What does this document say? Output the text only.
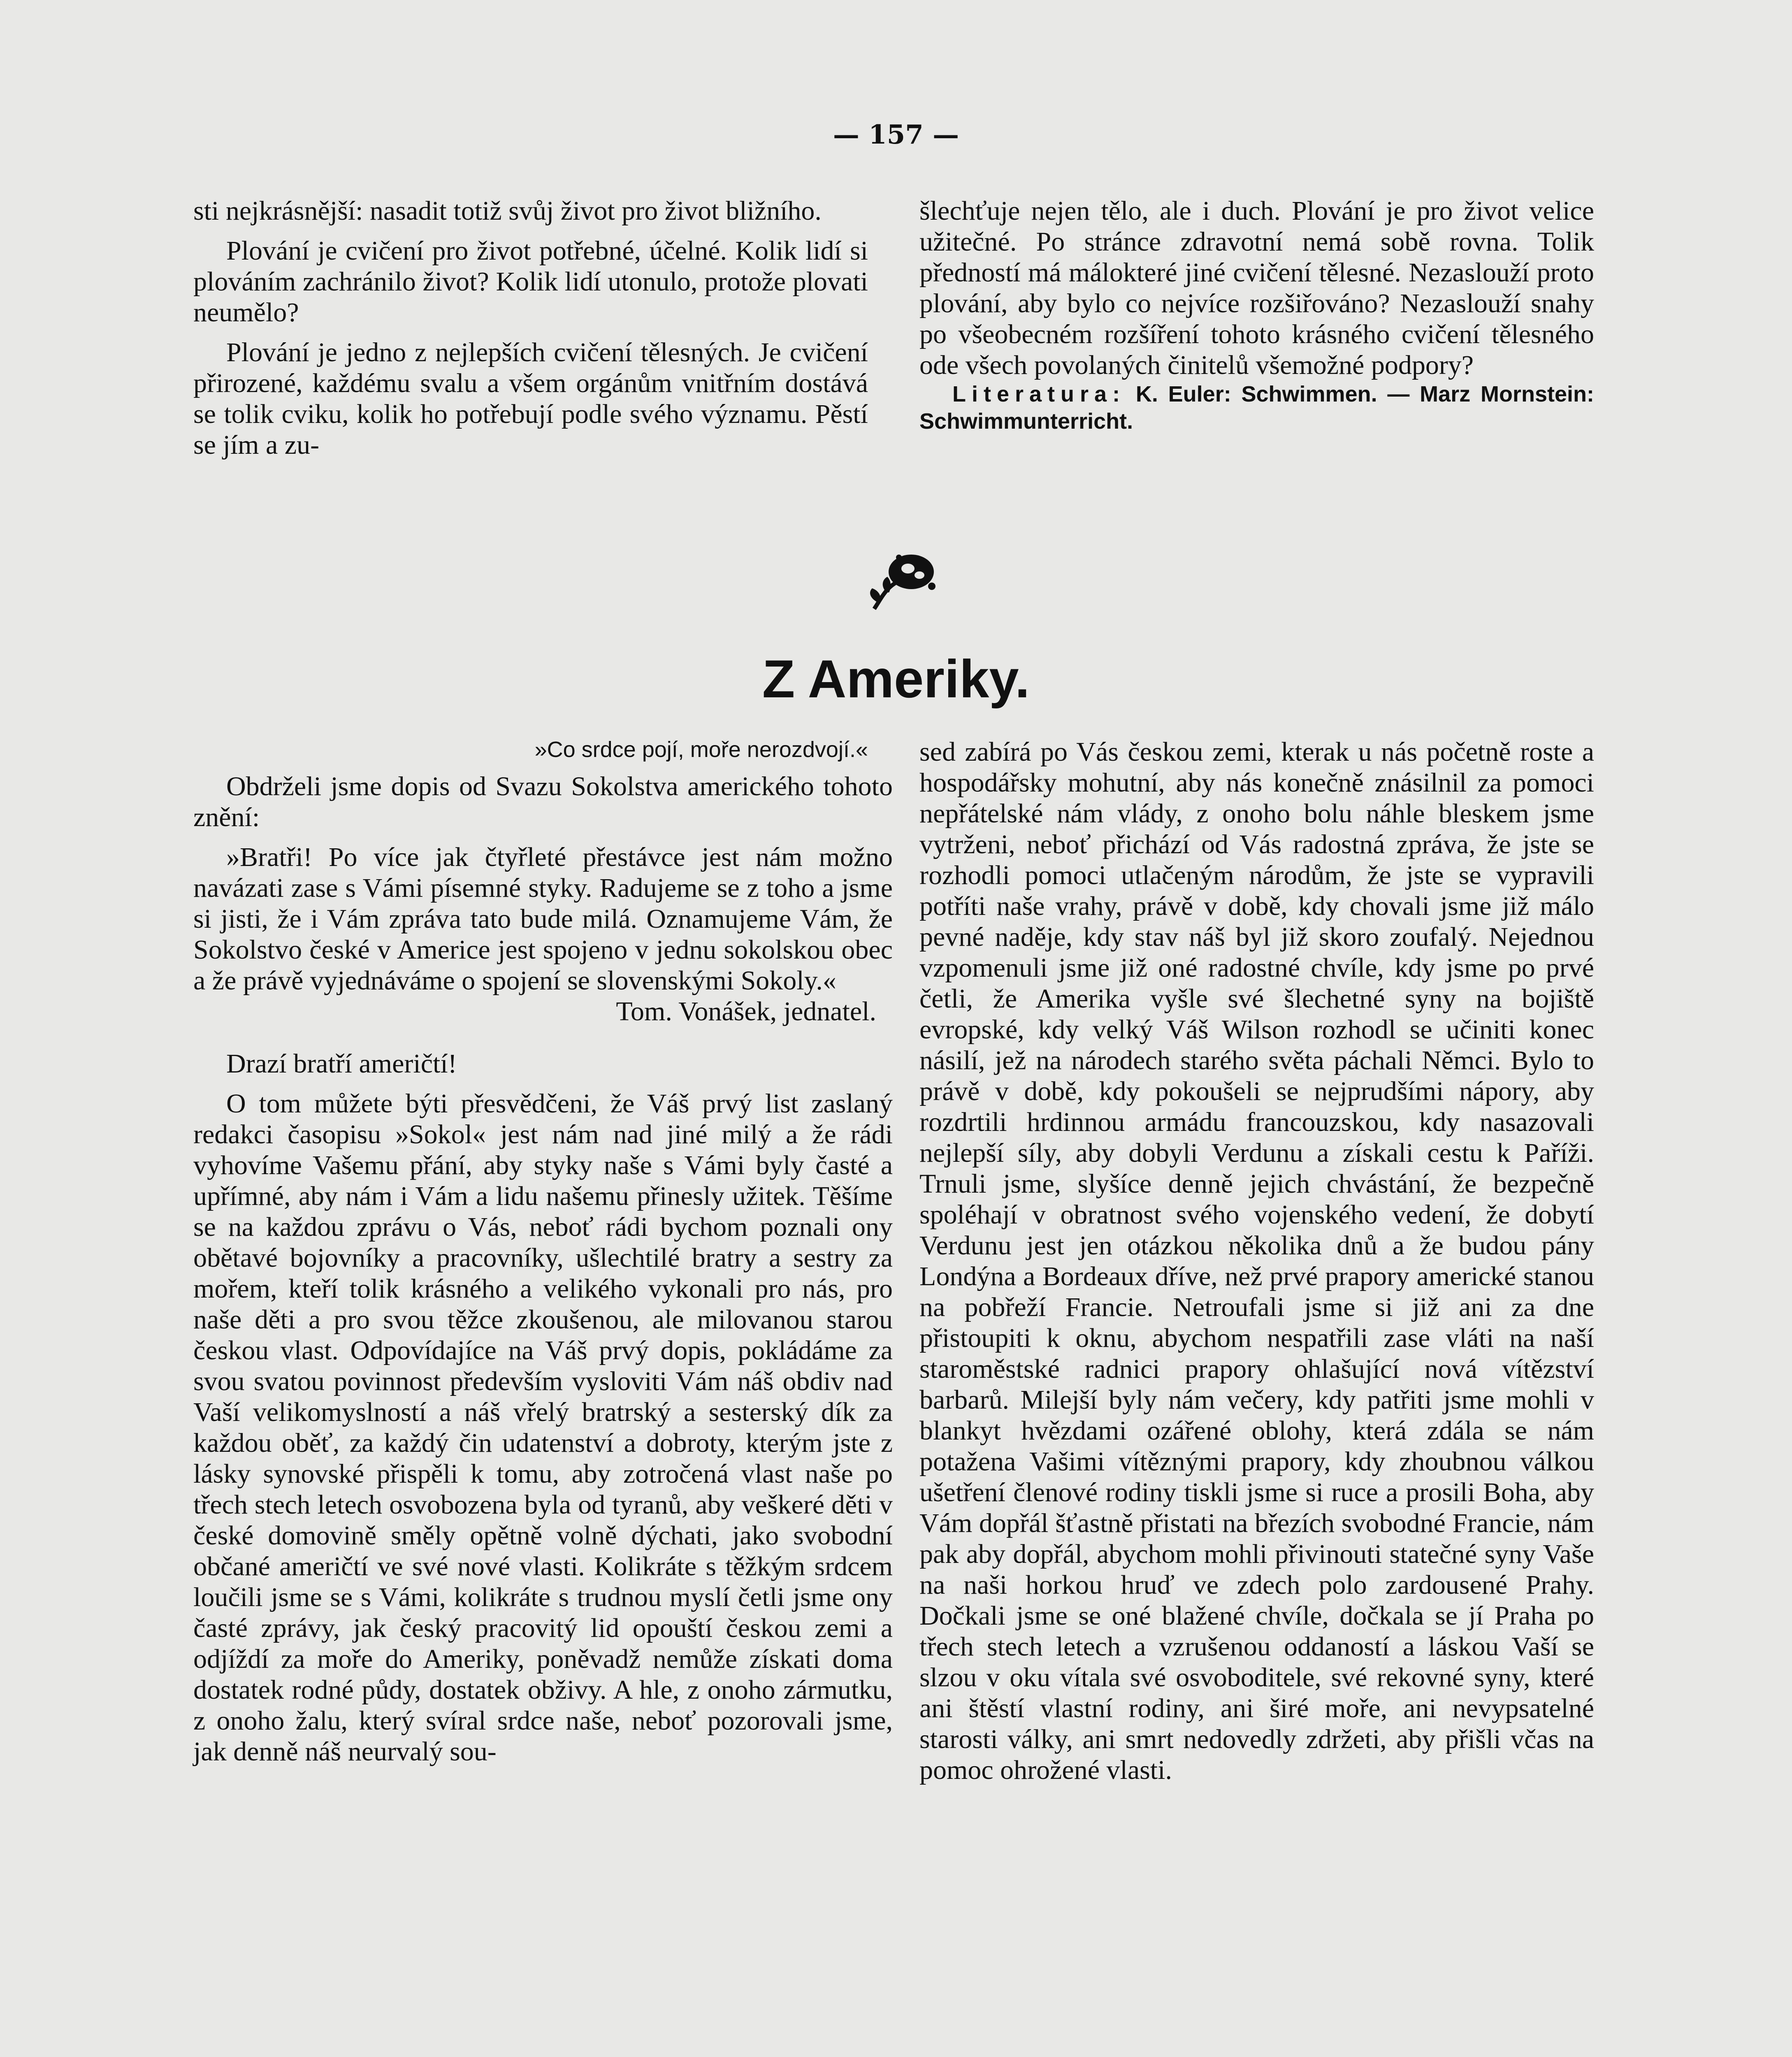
— 157 —

sti nejkrásnější: nasadit totiž svůj život pro život bližního.

Plování je cvičení pro život potřebné, účelné. Kolik lidí si plováním zachránilo život? Kolik lidí utonulo, protože plovati neumělo?

Plování je jedno z nejlepších cvičení tělesných. Je cvičení přirozené, každému svalu a všem orgánům vnitřním dostává se tolik cviku, kolik ho potřebují podle svého významu. Pěstí se jím a zu-

šlechťuje nejen tělo, ale i duch. Plování je pro život velice užitečné. Po stránce zdravotní nemá sobě rovna. Tolik předností má málokteré jiné cvičení tělesné. Nezaslouží proto plování, aby bylo co nejvíce rozšiřováno? Nezaslouží snahy po všeobecném rozšíření tohoto krásného cvičení tělesného ode všech povolaných činitelů všemožné podpory?

Literatura: K. Euler: Schwimmen. — Marz Mornstein: Schwimmunterricht.

Z Ameriky.

»Co srdce pojí, moře nerozdvojí.«

Obdrželi jsme dopis od Svazu Sokolstva amerického tohoto znění:

»Bratři! Po více jak čtyřleté přestávce jest nám možno navázati zase s Vámi písemné styky. Radujeme se z toho a jsme si jisti, že i Vám zpráva tato bude milá. Oznamujeme Vám, že Sokolstvo české v Americe jest spojeno v jednu sokolskou obec a že právě vyjednáváme o spojení se slovenskými Sokoly.«

Tom. Vonášek, jednatel.

Drazí bratří američtí!

O tom můžete býti přesvědčeni, že Váš prvý list zaslaný redakci časopisu »Sokol« jest nám nad jiné milý a že rádi vyhovíme Vašemu přání, aby styky naše s Vámi byly časté a upřímné, aby nám i Vám a lidu našemu přinesly užitek. Těšíme se na každou zprávu o Vás, neboť rádi bychom poznali ony obětavé bojovníky a pracovníky, ušlechtilé bratry a sestry za mořem, kteří tolik krásného a velikého vykonali pro nás, pro naše děti a pro svou těžce zkoušenou, ale milovanou starou českou vlast. Odpovídajíce na Váš prvý dopis, pokládáme za svou svatou povinnost především vysloviti Vám náš obdiv nad Vaší velikomyslností a náš vřelý bratrský a sesterský dík za každou oběť, za každý čin udatenství a dobroty, kterým jste z lásky synovské přispěli k tomu, aby zotročená vlast naše po třech stech letech osvobozena byla od tyranů, aby veškeré děti v české domovině směly opětně volně dýchati, jako svobodní občané američtí ve své nové vlasti. Kolikráte s těžkým srdcem loučili jsme se s Vámi, kolikráte s trudnou myslí četli jsme ony časté zprávy, jak český pracovitý lid opouští českou zemi a odjíždí za moře do Ameriky, poněvadž nemůže získati doma dostatek rodné půdy, dostatek obživy. A hle, z onoho zármutku, z onoho žalu, který svíral srdce naše, neboť pozorovali jsme, jak denně náš neurvalý sou-

sed zabírá po Vás českou zemi, kterak u nás početně roste a hospodářsky mohutní, aby nás konečně znásilnil za pomoci nepřátelské nám vlády, z onoho bolu náhle bleskem jsme vytrženi, neboť přichází od Vás radostná zpráva, že jste se rozhodli pomoci utlačeným národům, že jste se vypravili potříti naše vrahy, právě v době, kdy chovali jsme již málo pevné naděje, kdy stav náš byl již skoro zoufalý. Nejednou vzpomenuli jsme již oné radostné chvíle, kdy jsme po prvé četli, že Amerika vyšle své šlechetné syny na bojiště evropské, kdy velký Váš Wilson rozhodl se učiniti konec násilí, jež na národech starého světa páchali Němci. Bylo to právě v době, kdy pokoušeli se nejprudšími nápory, aby rozdrtili hrdinnou armádu francouzskou, kdy nasazovali nejlepší síly, aby dobyli Verdunu a získali cestu k Paříži. Trnuli jsme, slyšíce denně jejich chvástání, že bezpečně spoléhají v obratnost svého vojenského vedení, že dobytí Verdunu jest jen otázkou několika dnů a že budou pány Londýna a Bordeaux dříve, než prvé prapory americké stanou na pobřeží Francie. Netroufali jsme si již ani za dne přistoupiti k oknu, abychom nespatřili zase vláti na naší staroměstské radnici prapory ohlašující nová vítězství barbarů. Milejší byly nám večery, kdy patřiti jsme mohli v blankyt hvězdami ozářené oblohy, která zdála se nám potažena Vašimi vítěznými prapory, kdy zhoubnou válkou ušetření členové rodiny tiskli jsme si ruce a prosili Boha, aby Vám dopřál šťastně přistati na březích svobodné Francie, nám pak aby dopřál, abychom mohli přivinouti statečné syny Vaše na naši horkou hruď ve zdech polo zardousené Prahy. Dočkali jsme se oné blažené chvíle, dočkala se jí Praha po třech stech letech a vzrušenou oddaností a láskou Vaší se slzou v oku vítala své osvoboditele, své rekovné syny, které ani štěstí vlastní rodiny, ani širé moře, ani nevypsatelné starosti války, ani smrt nedovedly zdržeti, aby přišli včas na pomoc ohrožené vlasti.
